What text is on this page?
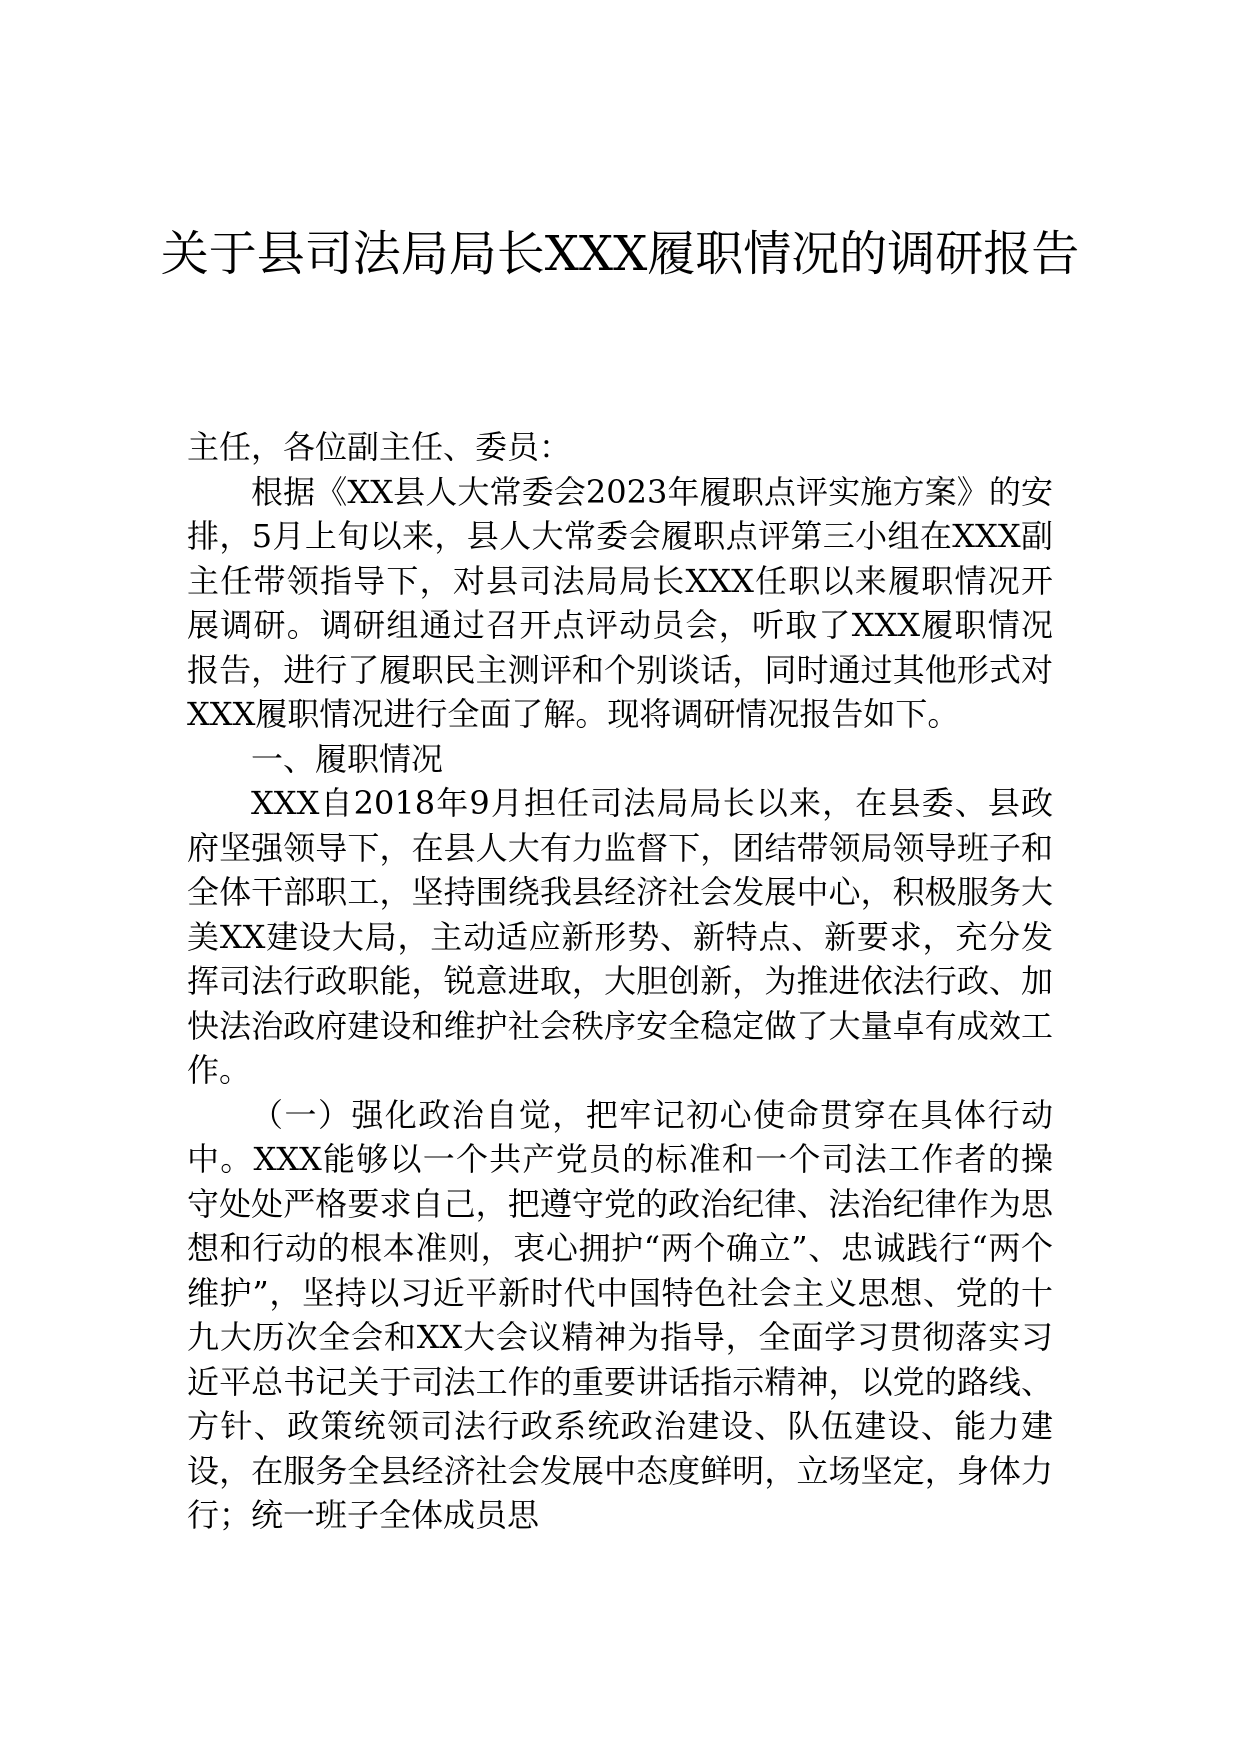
关于县司法局局长XXX履职情况的调研报告

主任，各位副主任、委员：

根据《XX县人大常委会2023年履职点评实施方案》的安排，5月上旬以来，县人大常委会履职点评第三小组在XXX副主任带领指导下，对县司法局局长XXX任职以来履职情况开展调研。调研组通过召开点评动员会，听取了XXX履职情况报告，进行了履职民主测评和个别谈话，同时通过其他形式对XXX履职情况进行全面了解。现将调研情况报告如下。

一、履职情况

XXX自2018年9月担任司法局局长以来，在县委、县政府坚强领导下，在县人大有力监督下，团结带领局领导班子和全体干部职工，坚持围绕我县经济社会发展中心，积极服务大美XX建设大局，主动适应新形势、新特点、新要求，充分发挥司法行政职能，锐意进取，大胆创新，为推进依法行政、加快法治政府建设和维护社会秩序安全稳定做了大量卓有成效工作。

（一）强化政治自觉，把牢记初心使命贯穿在具体行动中。XXX能够以一个共产党员的标准和一个司法工作者的操守处处严格要求自己，把遵守党的政治纪律、法治纪律作为思想和行动的根本准则，衷心拥护“两个确立”、忠诚践行“两个维护”，坚持以习近平新时代中国特色社会主义思想、党的十九大历次全会和XX大会议精神为指导，全面学习贯彻落实习近平总书记关于司法工作的重要讲话指示精神，以党的路线、方针、政策统领司法行政系统政治建设、队伍建设、能力建设，在服务全县经济社会发展中态度鲜明，立场坚定，身体力行；统一班子全体成员思
